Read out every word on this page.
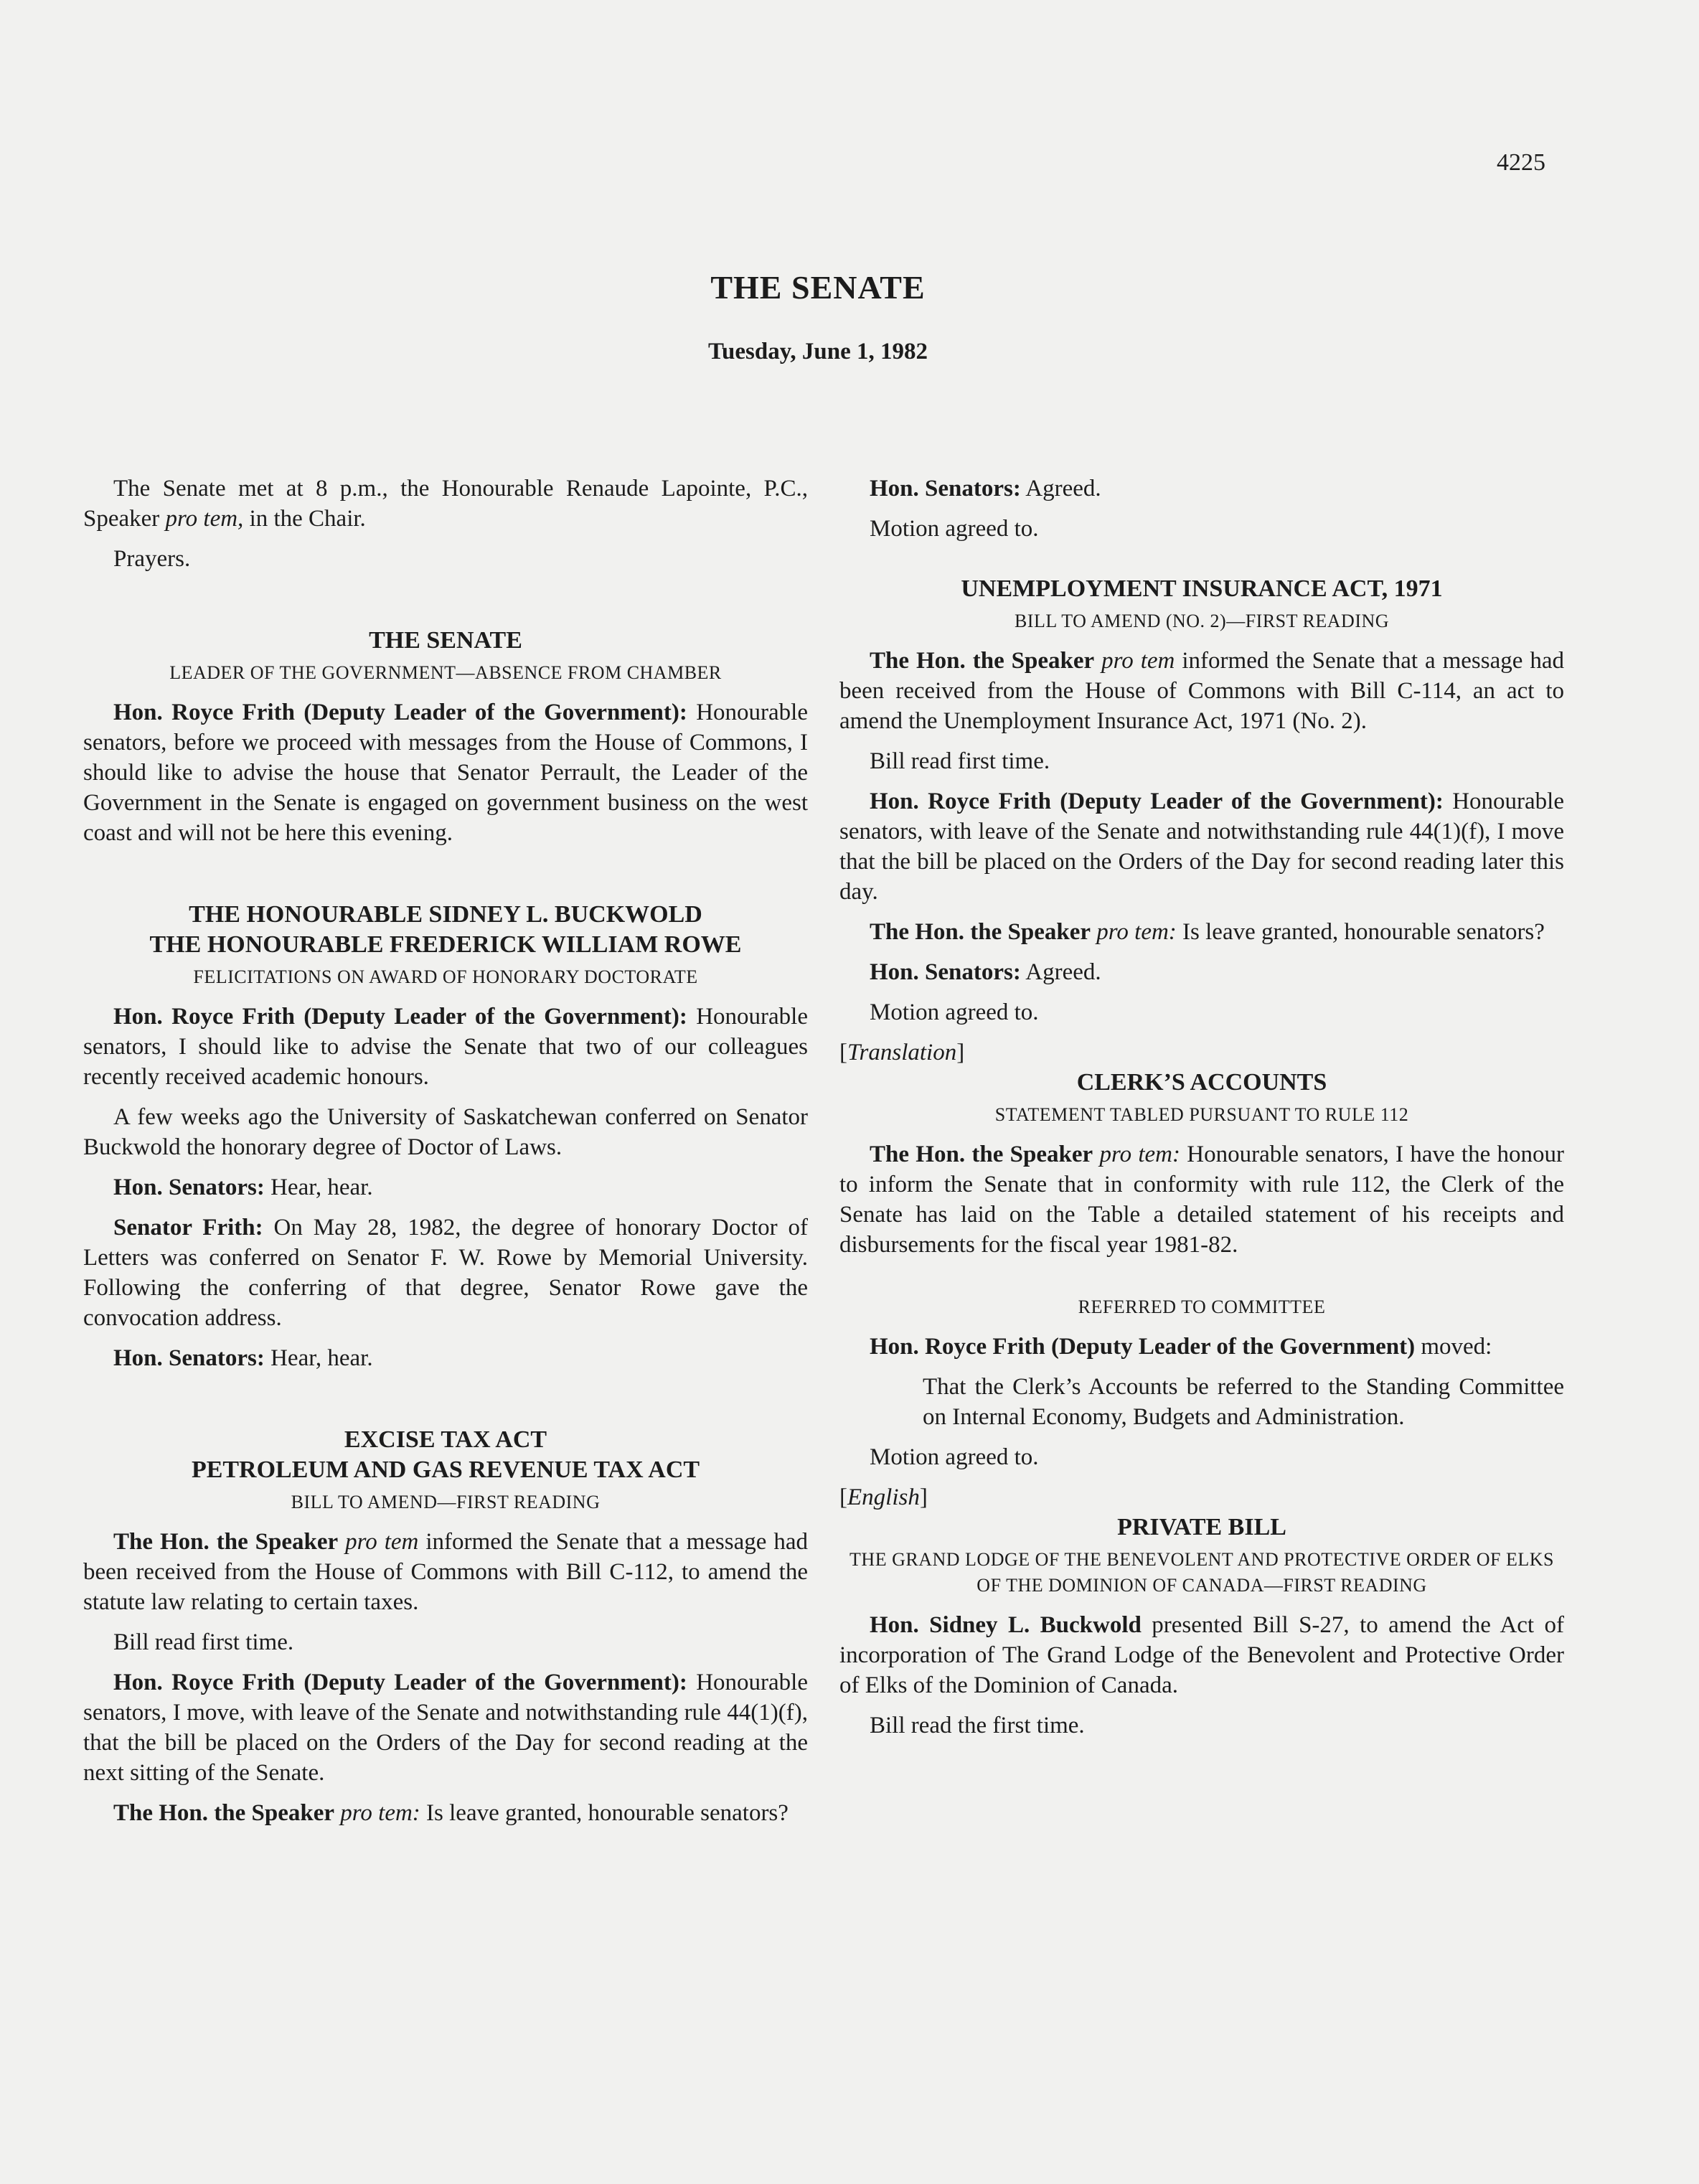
4225
THE SENATE
Tuesday, June 1, 1982

The Senate met at 8 p.m., the Honourable Renaude Lapointe, P.C., Speaker pro tem, in the Chair.

Prayers.

THE SENATE
LEADER OF THE GOVERNMENT—ABSENCE FROM CHAMBER

Hon. Royce Frith (Deputy Leader of the Government): Honourable senators, before we proceed with messages from the House of Commons, I should like to advise the house that Senator Perrault, the Leader of the Government in the Senate is engaged on government business on the west coast and will not be here this evening.

THE HONOURABLE SIDNEY L. BUCKWOLD
THE HONOURABLE FREDERICK WILLIAM ROWE
FELICITATIONS ON AWARD OF HONORARY DOCTORATE

Hon. Royce Frith (Deputy Leader of the Government): Honourable senators, I should like to advise the Senate that two of our colleagues recently received academic honours.

A few weeks ago the University of Saskatchewan conferred on Senator Buckwold the honorary degree of Doctor of Laws.

Hon. Senators: Hear, hear.

Senator Frith: On May 28, 1982, the degree of honorary Doctor of Letters was conferred on Senator F. W. Rowe by Memorial University. Following the conferring of that degree, Senator Rowe gave the convocation address.

Hon. Senators: Hear, hear.

EXCISE TAX ACT
PETROLEUM AND GAS REVENUE TAX ACT
BILL TO AMEND—FIRST READING

The Hon. the Speaker pro tem informed the Senate that a message had been received from the House of Commons with Bill C-112, to amend the statute law relating to certain taxes.

Bill read first time.

Hon. Royce Frith (Deputy Leader of the Government): Honourable senators, I move, with leave of the Senate and notwithstanding rule 44(1)(f), that the bill be placed on the Orders of the Day for second reading at the next sitting of the Senate.

The Hon. the Speaker pro tem: Is leave granted, honourable senators?

Hon. Senators: Agreed.

Motion agreed to.

UNEMPLOYMENT INSURANCE ACT, 1971
BILL TO AMEND (NO. 2)—FIRST READING

The Hon. the Speaker pro tem informed the Senate that a message had been received from the House of Commons with Bill C-114, an act to amend the Unemployment Insurance Act, 1971 (No. 2).

Bill read first time.

Hon. Royce Frith (Deputy Leader of the Government): Honourable senators, with leave of the Senate and notwithstanding rule 44(1)(f), I move that the bill be placed on the Orders of the Day for second reading later this day.

The Hon. the Speaker pro tem: Is leave granted, honourable senators?

Hon. Senators: Agreed.

Motion agreed to.

[Translation]

CLERK’S ACCOUNTS
STATEMENT TABLED PURSUANT TO RULE 112

The Hon. the Speaker pro tem: Honourable senators, I have the honour to inform the Senate that in conformity with rule 112, the Clerk of the Senate has laid on the Table a detailed statement of his receipts and disbursements for the fiscal year 1981-82.

REFERRED TO COMMITTEE

Hon. Royce Frith (Deputy Leader of the Government) moved:

That the Clerk’s Accounts be referred to the Standing Committee on Internal Economy, Budgets and Administration.

Motion agreed to.

[English]

PRIVATE BILL
THE GRAND LODGE OF THE BENEVOLENT AND PROTECTIVE ORDER OF ELKS OF THE DOMINION OF CANADA—FIRST READING

Hon. Sidney L. Buckwold presented Bill S-27, to amend the Act of incorporation of The Grand Lodge of the Benevolent and Protective Order of Elks of the Dominion of Canada.

Bill read the first time.
